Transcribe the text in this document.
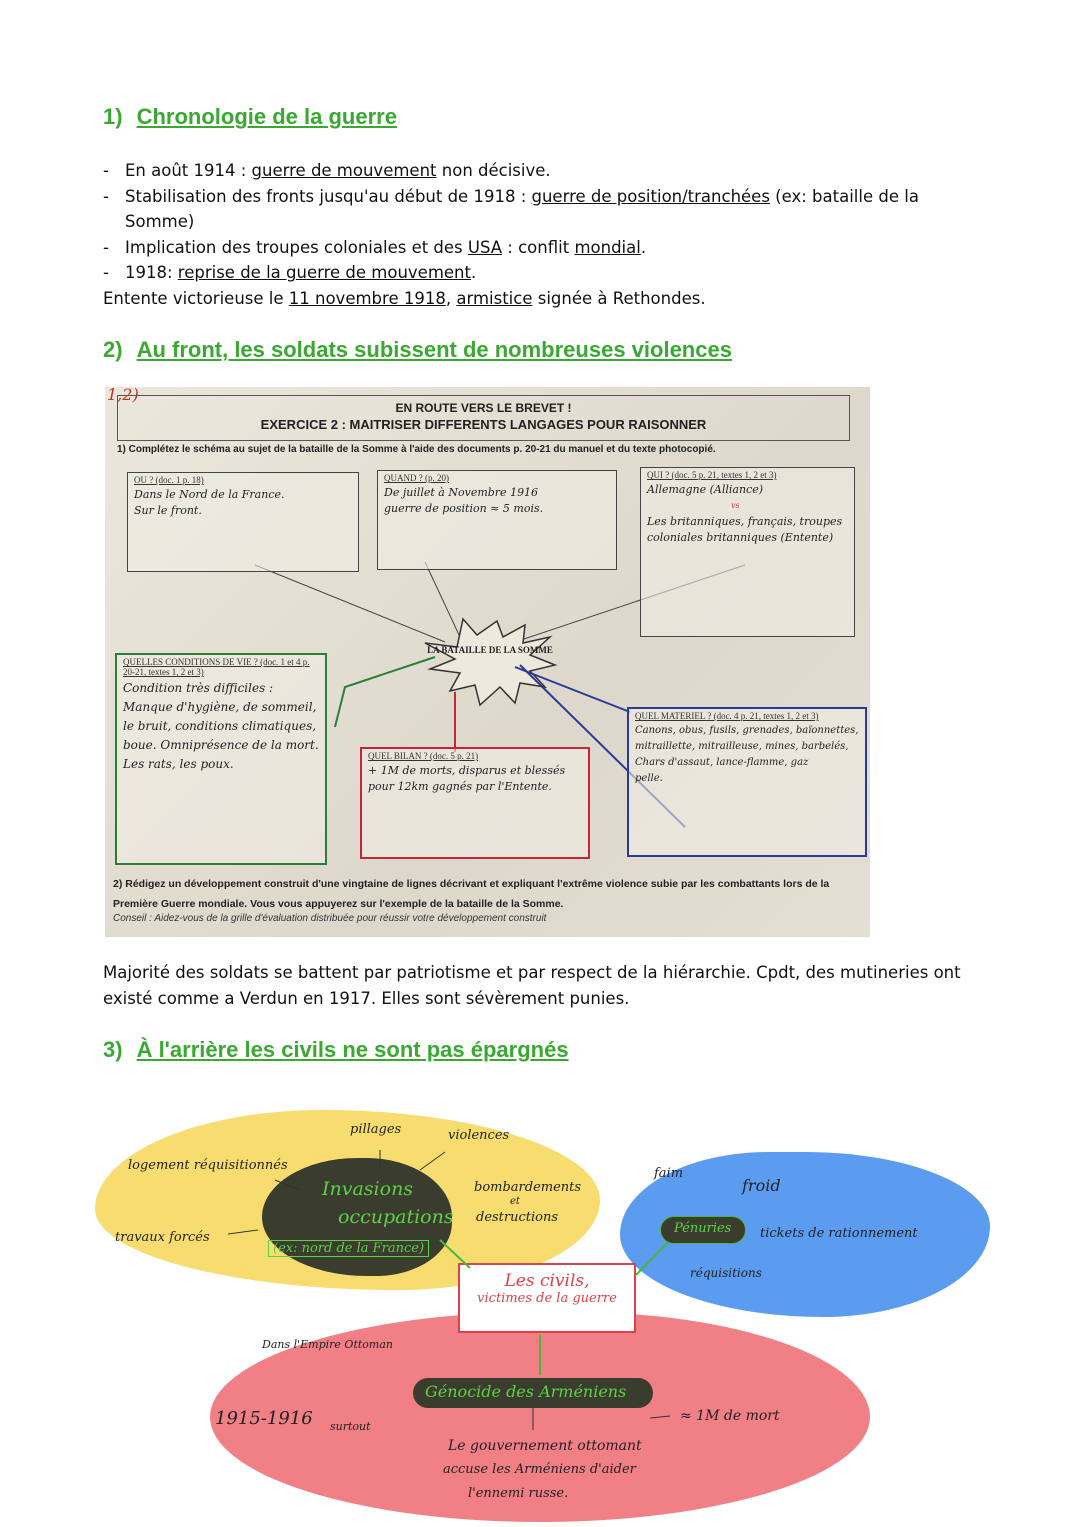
1) Chronologie de la guerre
- En août 1914 : guerre de mouvement non décisive.
- Stabilisation des fronts jusqu'au début de 1918 : guerre de position/tranchées (ex: bataille de la Somme)
- Implication des troupes coloniales et des USA : conflit mondial.
- 1918: reprise de la guerre de mouvement.
Entente victorieuse le 11 novembre 1918, armistice signée à Rethondes.
2) Au front, les soldats subissent de nombreuses violences
1,2)
EN ROUTE VERS LE BREVET !
EXERCICE 2 : MAITRISER DIFFERENTS LANGAGES POUR RAISONNER
1) Complétez le schéma au sujet de la bataille de la Somme à l'aide des documents p. 20-21 du manuel et du texte photocopié.
OU ? (doc. 1 p. 18)
Dans le Nord de la France.
Sur le front.
QUAND ? (p. 20)
De juillet à Novembre 1916
guerre de position ≈ 5 mois.
QUI ? (doc. 5 p. 21, textes 1, 2 et 3)
Allemagne (Alliance)
vs
Les britanniques, français, troupes coloniales britanniques (Entente)
LA BATAILLE DE LA SOMME
QUELLES CONDITIONS DE VIE ? (doc. 1 et 4 p. 20-21, textes 1, 2 et 3)
Condition très difficiles :
Manque d'hygiène, de sommeil,
le bruit, conditions climatiques,
boue. Omniprésence de la mort.
Les rats, les poux.
QUEL BILAN ? (doc. 5 p. 21)
+ 1M de morts, disparus et blessés
pour 12km gagnés par l'Entente.
QUEL MATERIEL ? (doc. 4 p. 21, textes 1, 2 et 3)
Canons, obus, fusils, grenades, baïonnettes,
mitraillette, mitrailleuse, mines, barbelés,
Chars d'assaut, lance-flamme, gaz
pelle.
2) Rédigez un développement construit d'une vingtaine de lignes décrivant et expliquant l'extrême violence subie par les combattants lors de la Première Guerre mondiale. Vous vous appuyerez sur l'exemple de la bataille de la Somme.
Conseil : Aidez-vous de la grille d'évaluation distribuée pour réussir votre développement construit
Majorité des soldats se battent par patriotisme et par respect de la hiérarchie. Cpdt, des mutineries ont existé comme a Verdun en 1917. Elles sont sévèrement punies.
3) À l'arrière les civils ne sont pas épargnés
Invasions
occupations
(ex: nord de la France)
pillages	violences
logement réquisitionnés
bombardements
et
destructions
travaux forcés
Pénuries
faim
froid
tickets de rationnement
réquisitions
Les civils,
victimes de la guerre
Génocide des Arméniens
Dans l'Empire Ottoman
1915-1916 surtout
≈ 1M de mort
Le gouvernement ottomant
accuse les Arméniens d'aider
l'ennemi russe.
